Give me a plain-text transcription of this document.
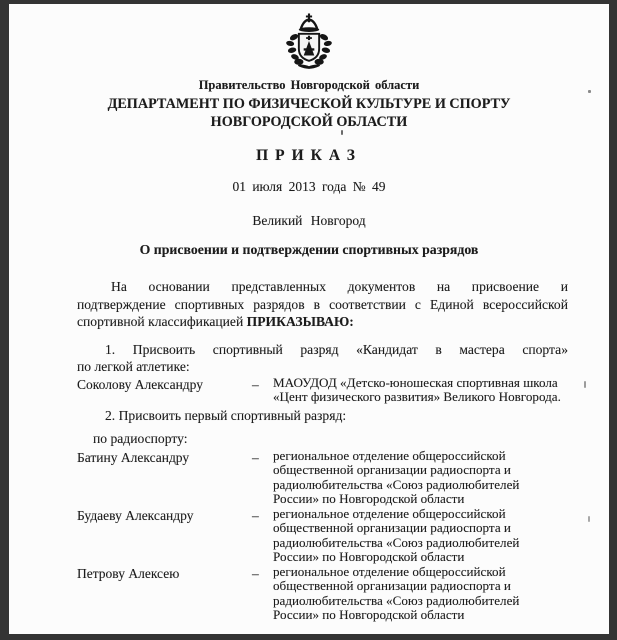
Правительство Новгородской области
ДЕПАРТАМЕНТ ПО ФИЗИЧЕСКОЙ КУЛЬТУРЕ И СПОРТУ
НОВГОРОДСКОЙ ОБЛАСТИ
ПРИКАЗ
01 июля 2013 года № 49
Великий Новгород
О присвоении и подтверждении спортивных разрядов
На основании представленных документов на присвоение и
подтверждение спортивных разрядов в соответствии с Единой всероссийской
спортивной классификацией ПРИКАЗЫВАЮ:
1. Присвоить спортивный разряд «Кандидат в мастера спорта»
по легкой атлетике:
Соколову Александру	–	МАОУДОД «Детско-юношеская спортивная школа «Цент физического развития» Великого Новгорода.
2. Присвоить первый спортивный разряд:
по радиоспорту:
Батину Александру	–	региональное отделение общероссийской общественной организации радиоспорта и радиолюбительства «Союз радиолюбителей России» по Новгородской области
Будаеву Александру	–	региональное отделение общероссийской общественной организации радиоспорта и радиолюбительства «Союз радиолюбителей России» по Новгородской области
Петрову Алексею	–	региональное отделение общероссийской общественной организации радиоспорта и радиолюбительства «Союз радиолюбителей России» по Новгородской области
